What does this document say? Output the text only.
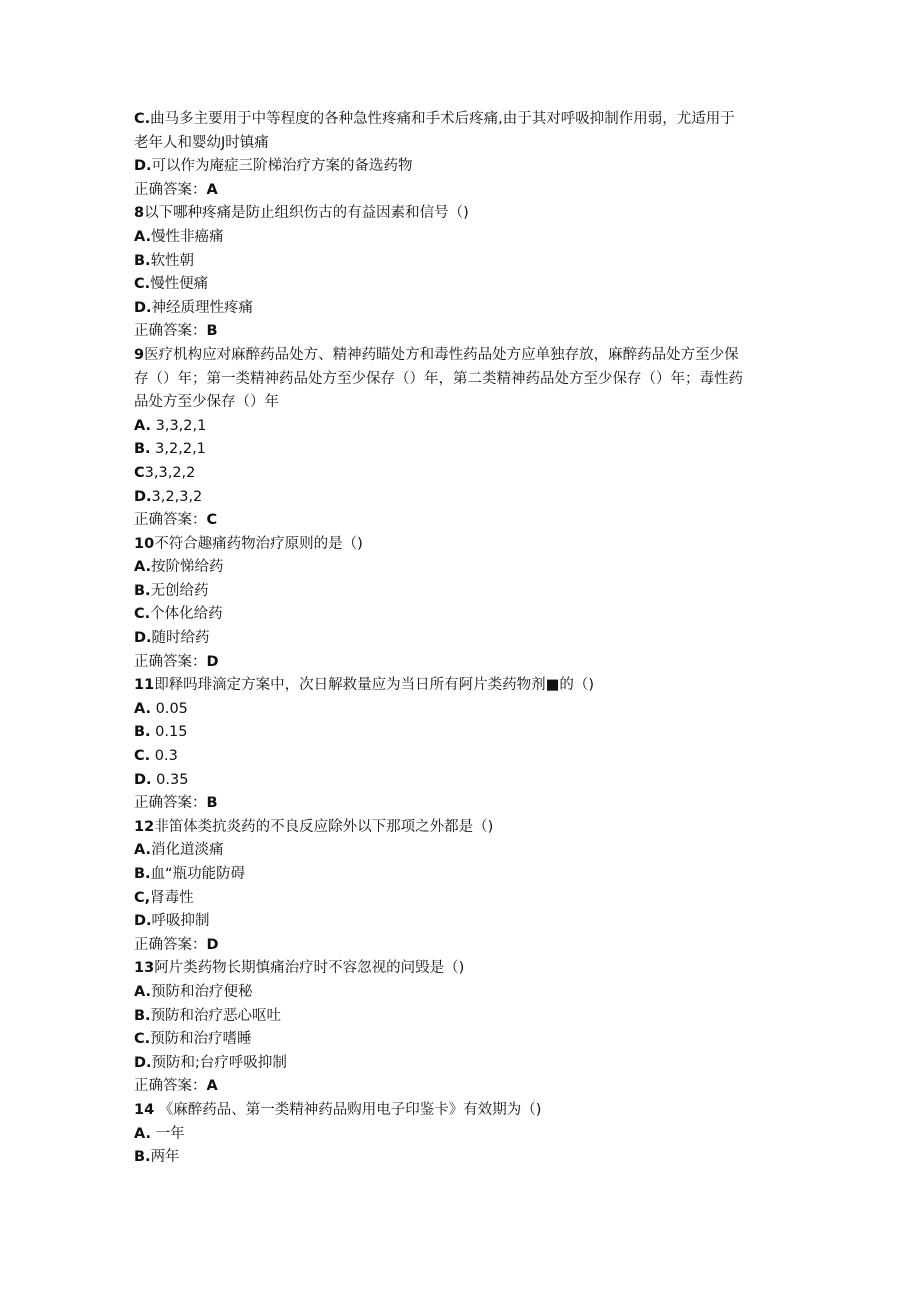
C.曲马多主要用于中等程度的各种急性疼痛和手术后疼痛,由于其对呼吸抑制作用弱，尤适用于
老年人和婴幼J时镇痛
D.可以作为庵症三阶梯治疗方案的备选药物
正确答案：A
8以下哪种疼痛是防止组织伤古的有益因素和信号（)
A.慢性非癌痛
B.软性朝
C.慢性便痛
D.神经质理性疼痛
正确答案：B
9医疗机构应对麻醉药品处方、精神药瞄处方和毒性药品处方应单独存放，麻醉药品处方至少保
存（）年；第一类精神药品处方至少保存（）年，第二类精神药品处方至少保存（）年；毒性药
品处方至少保存（）年
A. 3,3,2,1
B. 3,2,2,1
C3,3,2,2
D.3,2,3,2
正确答案：C
10不符合趣痛药物治疗原则的是（)
A.按阶悌给药
B.无创给药
C.个体化给药
D.随时给药
正确答案：D
11即释吗琲滴定方案中，次日解救量应为当日所有阿片类药物剂■的（)
A. 0.05
B. 0.15
C. 0.3
D. 0.35
正确答案：B
12非笛体类抗炎药的不良反应除外以下那项之外都是（)
A.消化道淡痛
B.血“瓶功能防碍
C,肾毒性
D.呼吸抑制
正确答案：D
13阿片类药物长期慎痛治疗时不容忽视的问毁是（)
A.预防和治疗便秘
B.预防和治疗恶心呕吐
C.预防和治疗嗜睡
D.预防和;台疗呼吸抑制
正确答案：A
14 《麻醉药品、第一类精神药品购用电子印鉴卡》有效期为（)
A. 一年
B.两年
